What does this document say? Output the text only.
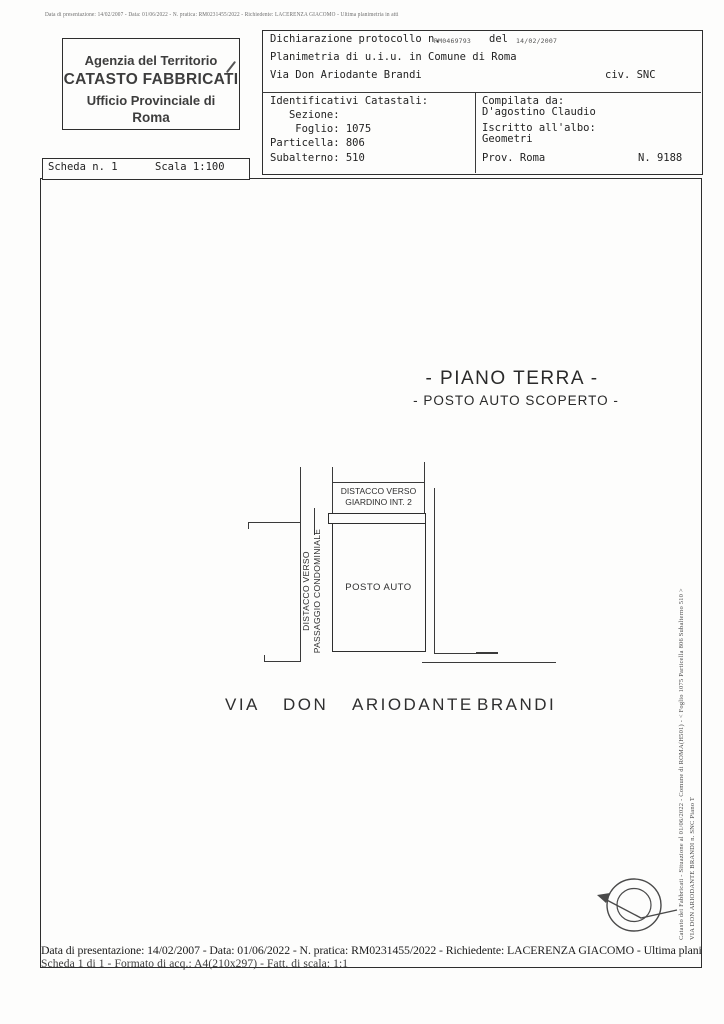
Data di presentazione: 14/02/2007 - Data: 01/06/2022 - N. pratica: RM0231455/2022 - Richiedente: LACERENZA GIACOMO - Ultima planimetria in atti
Agenzia del Territorio
CATASTO FABBRICATI
Ufficio Provinciale di
Roma
Dichiarazione protocollo n.
RM0469793 del 14/02/2007
Planimetria di u.i.u. in Comune di Roma
Via Don Ariodante Brandi	civ. SNC
Identificativi Catastali:
Sezione:
Foglio: 1075
Particella: 806
Subalterno: 510
Compilata da:
D'agostino Claudio
Iscritto all'albo:
Geometri
Prov. Roma	N. 9188
Scheda n. 1	Scala 1:100
- PIANO TERRA -
- POSTO AUTO SCOPERTO -
DISTACCO VERSO
GIARDINO INT. 2
POSTO AUTO
DISTACCO VERSO PASSAGGIO CONDOMINIALE
VIA DON ARIODANTE BRANDI	Catasto dei Fabbricati - Situazione al 01/06/2022 - Comune di ROMA(H501) - < Foglio 1075 Particella 806 Subalterno 510 > VIA DON ARIODANTE BRANDI n. SNC Piano T
Data di presentazione: 14/02/2007 - Data: 01/06/2022 - N. pratica: RM0231455/2022 - Richiedente: LACERENZA GIACOMO - Ultima plani
Scheda 1 di 1 - Formato di acq.: A4(210x297) - Fatt. di scala: 1:1
